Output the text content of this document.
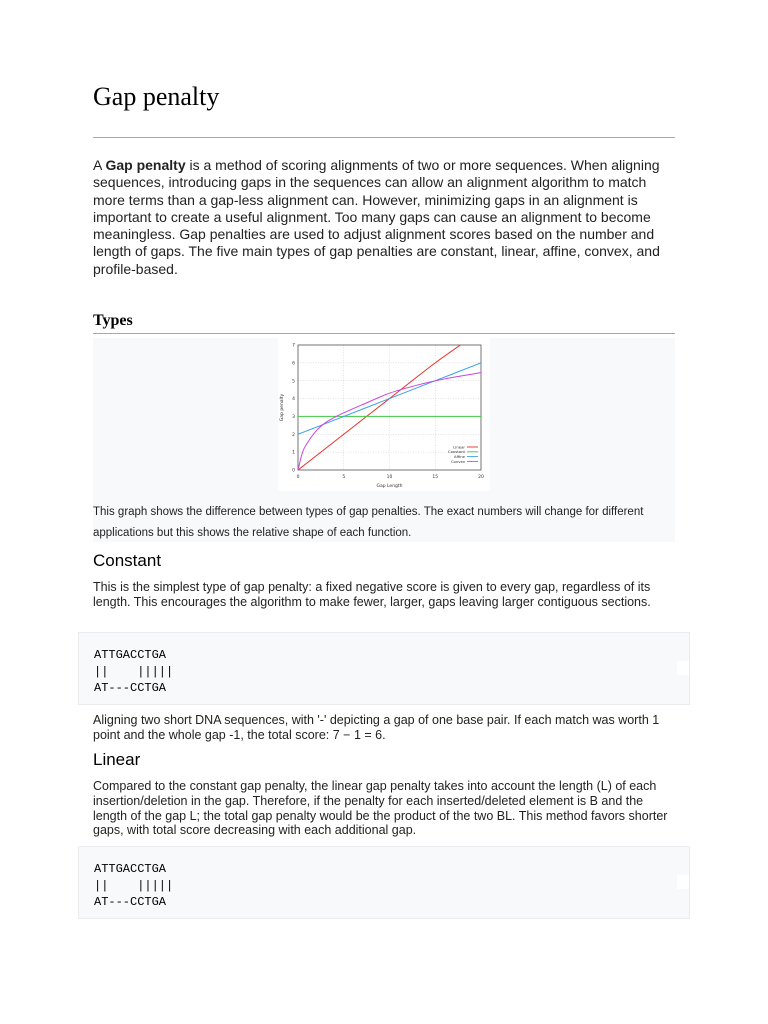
Gap penalty

A Gap penalty is a method of scoring alignments of two or more sequences. When aligning sequences, introducing gaps in the sequences can allow an alignment algorithm to match more terms than a gap-less alignment can. However, minimizing gaps in an alignment is important to create a useful alignment. Too many gaps can cause an alignment to become meaningless. Gap penalties are used to adjust alignment scores based on the number and length of gaps. The five main types of gap penalties are constant, linear, affine, convex, and profile-based.

Types
0	5	10	15	20
0
1
2
3
4
5
6
7
Gap Length
Gap penalty
Linear
Constant
Affine
Convex

This graph shows the difference between types of gap penalties. The exact numbers will change for different applications but this shows the relative shape of each function.

Constant

This is the simplest type of gap penalty: a fixed negative score is given to every gap, regardless of its length. This encourages the algorithm to make fewer, larger, gaps leaving larger contiguous sections.

ATTGACCTGA
||    |||||
AT---CCTGA

Aligning two short DNA sequences, with '-' depicting a gap of one base pair. If each match was worth 1 point and the whole gap -1, the total score: 7 − 1 = 6.

Linear

Compared to the constant gap penalty, the linear gap penalty takes into account the length (L) of each insertion/deletion in the gap. Therefore, if the penalty for each inserted/deleted element is B and the length of the gap L; the total gap penalty would be the product of the two BL. This method favors shorter gaps, with total score decreasing with each additional gap.

ATTGACCTGA
||    |||||
AT---CCTGA
